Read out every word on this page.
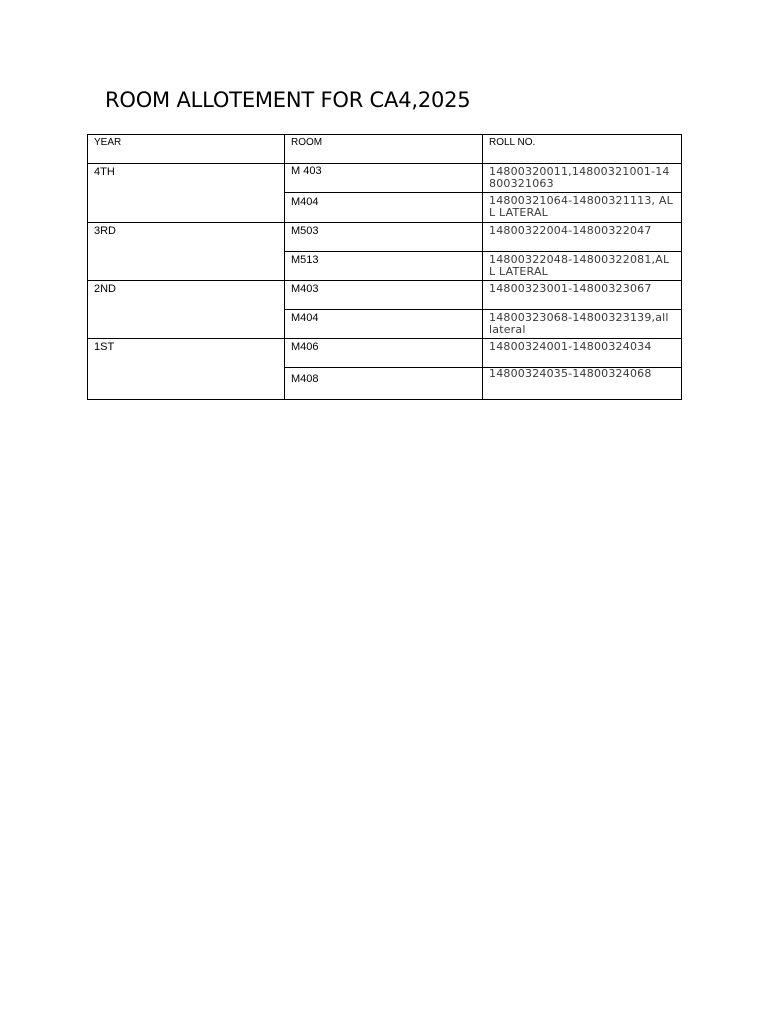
ROOM ALLOTEMENT FOR CA4,2025
YEAR	ROOM	ROLL NO.
4TH	M 403	14800320011,14800321001-14800321063
	M404	14800321064-14800321113, ALL LATERAL
3RD	M503	14800322004-14800322047
	M513	14800322048-14800322081,ALL LATERAL
2ND	M403	14800323001-14800323067
	M404	14800323068-14800323139,all lateral
1ST	M406	14800324001-14800324034
	M408	14800324035-14800324068
